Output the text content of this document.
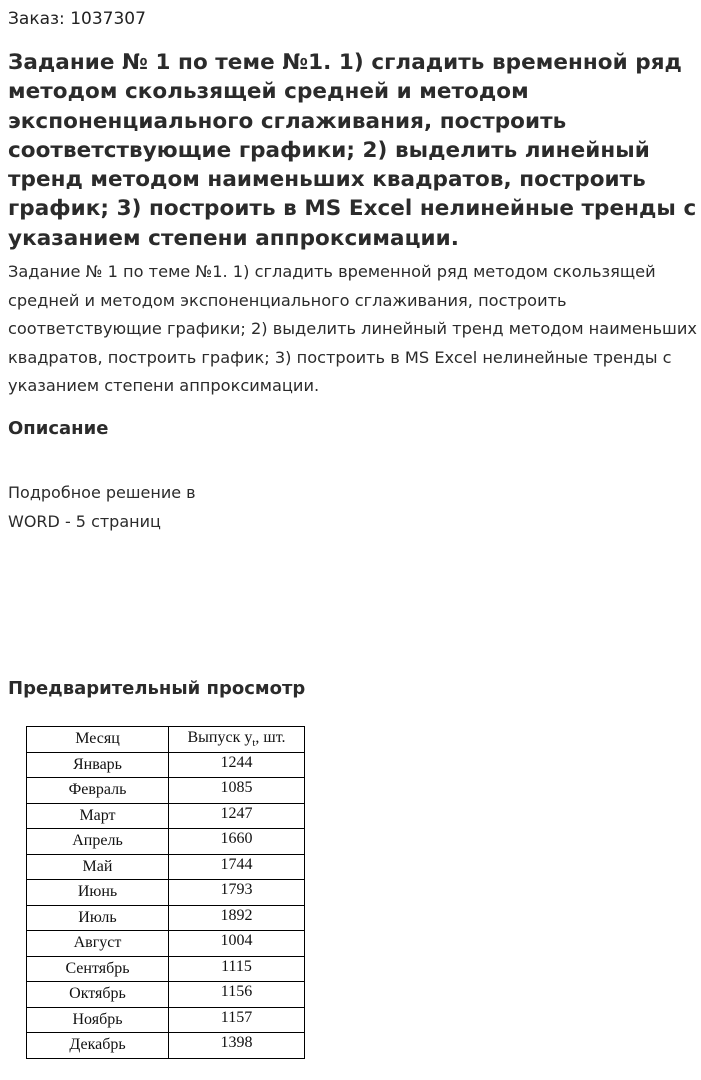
Заказ: 1037307
Задание № 1 по теме №1. 1) сгладить временной ряд методом скользящей средней и методом экспоненциального сглаживания, построить соответствующие графики; 2) выделить линейный тренд методом наименьших квадратов, построить график; 3) построить в MS Excel нелинейные тренды с указанием степени аппроксимации.

Задание № 1 по теме №1. 1) сгладить временной ряд методом скользящей средней и методом экспоненциального сглаживания, построить соответствующие графики; 2) выделить линейный тренд методом наименьших квадратов, построить график; 3) построить в MS Excel нелинейные тренды с указанием степени аппроксимации.

Описание

Подробное решение в WORD - 5 страниц

Предварительный просмотр
Месяц	Выпуск $y_t$, шт.
Январь	1244
Февраль	1085
Март	1247
Апрель	1660
Май	1744
Июнь	1793
Июль	1892
Август	1004
Сентябрь	1115
Октябрь	1156
Ноябрь	1157
Декабрь	1398
